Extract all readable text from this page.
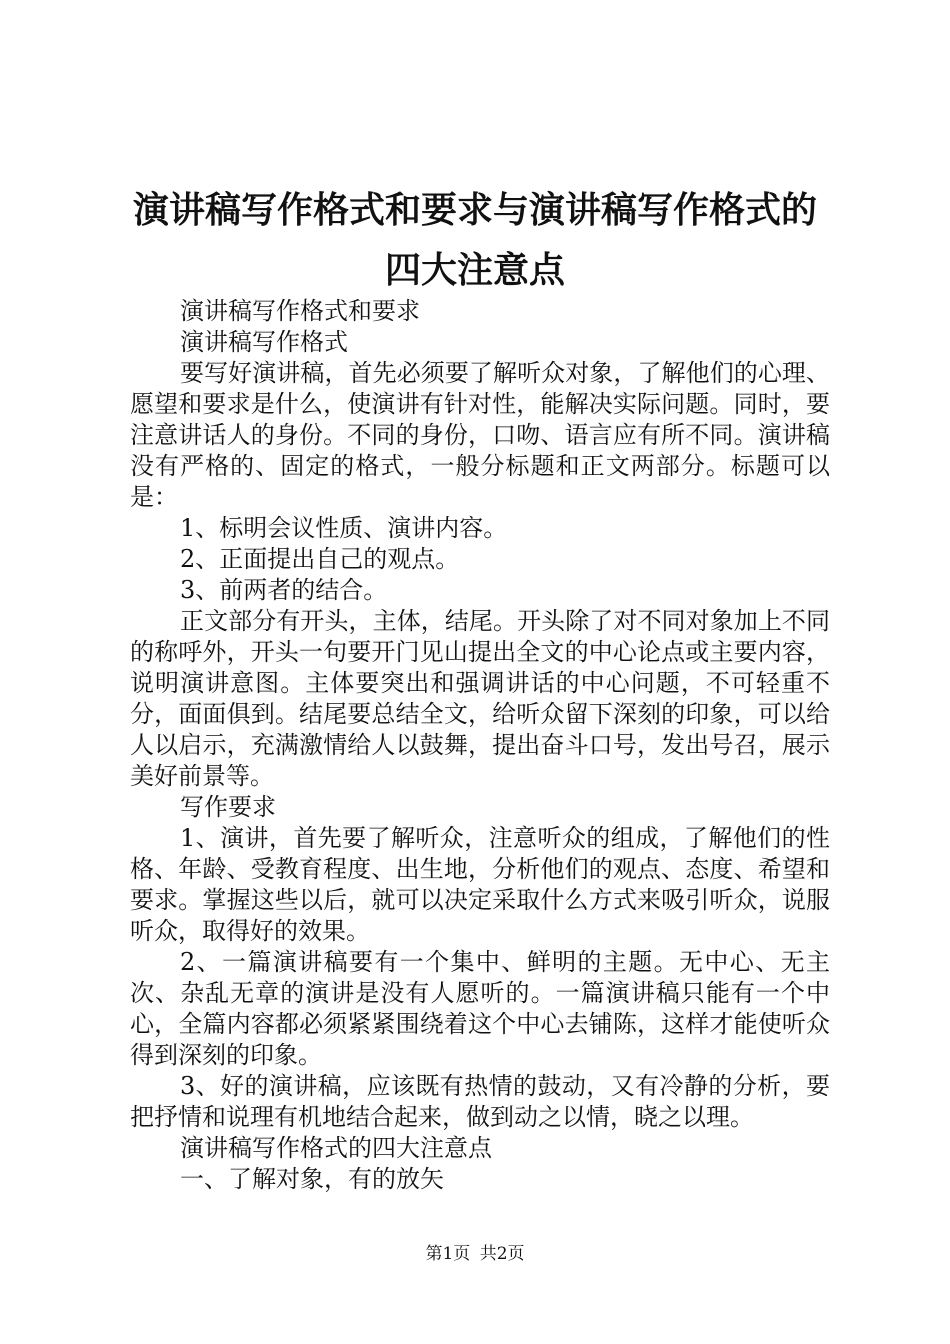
演讲稿写作格式和要求与演讲稿写作格式的四大注意点

演讲稿写作格式和要求

演讲稿写作格式

要写好演讲稿，首先必须要了解听众对象，了解他们的心理、愿望和要求是什么，使演讲有针对性，能解决实际问题。同时，要注意讲话人的身份。不同的身份，口吻、语言应有所不同。演讲稿没有严格的、固定的格式，一般分标题和正文两部分。标题可以是：

1、标明会议性质、演讲内容。

2、正面提出自己的观点。

3、前两者的结合。

正文部分有开头，主体，结尾。开头除了对不同对象加上不同的称呼外，开头一句要开门见山提出全文的中心论点或主要内容，说明演讲意图。主体要突出和强调讲话的中心问题，不可轻重不分，面面俱到。结尾要总结全文，给听众留下深刻的印象，可以给人以启示，充满激情给人以鼓舞，提出奋斗口号，发出号召，展示美好前景等。

写作要求

1、演讲，首先要了解听众，注意听众的组成，了解他们的性格、年龄、受教育程度、出生地，分析他们的观点、态度、希望和要求。掌握这些以后，就可以决定采取什么方式来吸引听众，说服听众，取得好的效果。

2、一篇演讲稿要有一个集中、鲜明的主题。无中心、无主次、杂乱无章的演讲是没有人愿听的。一篇演讲稿只能有一个中心，全篇内容都必须紧紧围绕着这个中心去铺陈，这样才能使听众得到深刻的印象。

3、好的演讲稿，应该既有热情的鼓动，又有冷静的分析，要把抒情和说理有机地结合起来，做到动之以情，晓之以理。

演讲稿写作格式的四大注意点

一、了解对象，有的放矢

第1页 共2页
